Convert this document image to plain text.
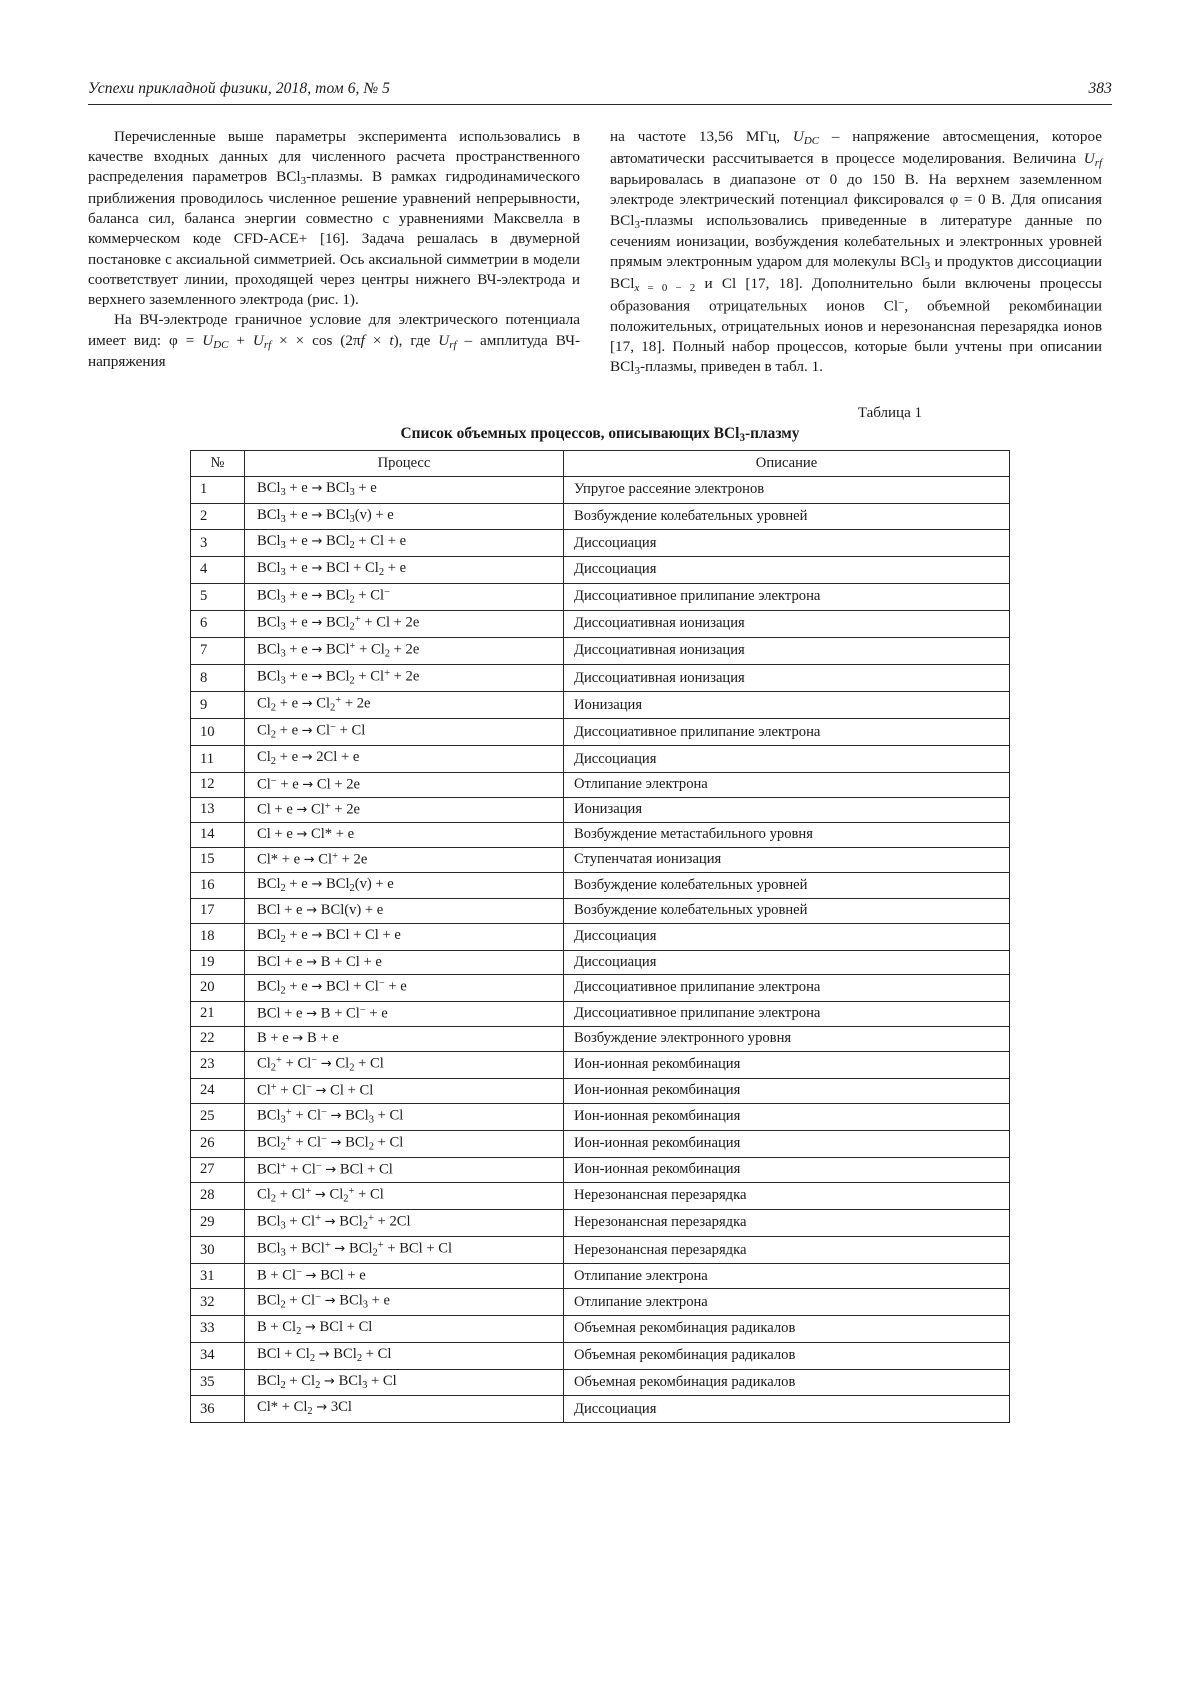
Успехи прикладной физики, 2018, том 6, № 5	383

Перечисленные выше параметры эксперимента использовались в качестве входных данных для численного расчета пространственного распределения параметров BCl$_3$-плазмы. В рамках гидродинамического приближения проводилось численное решение уравнений непрерывности, баланса сил, баланса энергии совместно с уравнениями Максвелла в коммерческом коде CFD-ACE+ [16]. Задача решалась в двумерной постановке с аксиальной симметрией. Ось аксиальной симметрии в модели соответствует линии, проходящей через центры нижнего ВЧ-электрода и верхнего заземленного электрода (рис. 1).

На ВЧ-электроде граничное условие для электрического потенциала имеет вид: $\varphi = U_{DC} + U_{rf}$ × × cos (2πf × t), где $U_{rf}$ – амплитуда ВЧ-напряжения

на частоте 13,56 МГц, $U_{DC}$ – напряжение автосмещения, которое автоматически рассчитывается в процессе моделирования. Величина $U_{rf}$ варьировалась в диапазоне от 0 до 150 В. На верхнем заземленном электроде электрический потенциал фиксировался φ = 0 В. Для описания BCl$_3$-плазмы использовались приведенные в литературе данные по сечениям ионизации, возбуждения колебательных и электронных уровней прямым электронным ударом для молекулы BCl$_3$ и продуктов диссоциации BCl$_{x = 0 - 2}$ и Cl [17, 18]. Дополнительно были включены процессы образования отрицательных ионов Cl−, объемной рекомбинации положительных, отрицательных ионов и нерезонансная перезарядка ионов [17, 18]. Полный набор процессов, которые были учтены при описании BCl$_3$-плазмы, приведен в табл. 1.

Таблица 1
Список объемных процессов, описывающих BCl$_3$-плазму
№	Процесс	Описание
1	BCl$_3$ + e → BCl$_3$ + e	Упругое рассеяние электронов
2	BCl$_3$ + e → BCl$_3$(v) + e	Возбуждение колебательных уровней
3	BCl$_3$ + e → BCl$_2$ + Cl + e	Диссоциация
4	BCl$_3$ + e → BCl + $Cl_2 + e$	Диссоциация
5	BCl$_3$ + e → BCl$_2$ + Cl−	Диссоциативное прилипание электрона
6	BCl$_3$ + e → BCl$_2$+ + Cl + 2e	Диссоциативная ионизация
7	$BCl_3 + e \to BCl^+ + Cl_2 + 2e$	Диссоциативная ионизация
8	BCl$_3$ + e → BCl$_2$ + Cl+ + 2e	Диссоциативная ионизация
9	$Cl_2 + e \to Cl_2^+ + 2e$	Ионизация
10	$Cl_2 + e \to Cl^- + Cl$	Диссоциативное прилипание электрона
11	$Cl_2 + e \to 2Cl + e$	Диссоциация
12	Cl− + e → Cl + 2e	Отлипание электрона
13	Cl + e → Cl+ + 2e	Ионизация
14	Cl + e → Cl* + e	Возбуждение метастабильного уровня
15	Cl* + e → Cl+ + 2e	Ступенчатая ионизация
16	BCl$_2$ + e → BCl$_2$(v) + e	Возбуждение колебательных уровней
17	BCl + e → BCl(v) + e	Возбуждение колебательных уровней
18	BCl$_2$ + e → BCl + Cl + e	Диссоциация
19	BCl + e → B + Cl + e	Диссоциация
20	BCl$_2$ + e → BCl + Cl− + e	Диссоциативное прилипание электрона
21	BCl + e → B + Cl− + e	Диссоциативное прилипание электрона
22	B + e → B + e	Возбуждение электронного уровня
23	$Cl_2^+ + Cl^- \to Cl_2 + Cl$	Ион-ионная рекомбинация
24	Cl+ + Cl− → Cl + Cl	Ион-ионная рекомбинация
25	BCl$_3$+ + Cl− → BCl$_3$ + Cl	Ион-ионная рекомбинация
26	BCl$_2$+ + Cl− → BCl$_2$ + Cl	Ион-ионная рекомбинация
27	BCl+ + Cl− → BCl + Cl	Ион-ионная рекомбинация
28	$Cl_2 + Cl^+ \to Cl_2^+ + Cl$	Нерезонансная перезарядка
29	BCl$_3$ + Cl+ → BCl$_2$+ + 2Cl	Нерезонансная перезарядка
30	BCl$_3$ + BCl+ → BCl$_2$+ + BCl + Cl	Нерезонансная перезарядка
31	B + Cl− → BCl + e	Отлипание электрона
32	BCl$_2$ + Cl− → BCl$_3$ + e	Отлипание электрона
33	$B + Cl_2$ → BCl + Cl	Объемная рекомбинация радикалов
34	BCl + $Cl_2 \to BCl_2 + Cl$	Объемная рекомбинация радикалов
35	$BCl_2 + Cl_2 \to BCl_3 + Cl$	Объемная рекомбинация радикалов
36	$Cl* + Cl_2 \to 3Cl$	Диссоциация
